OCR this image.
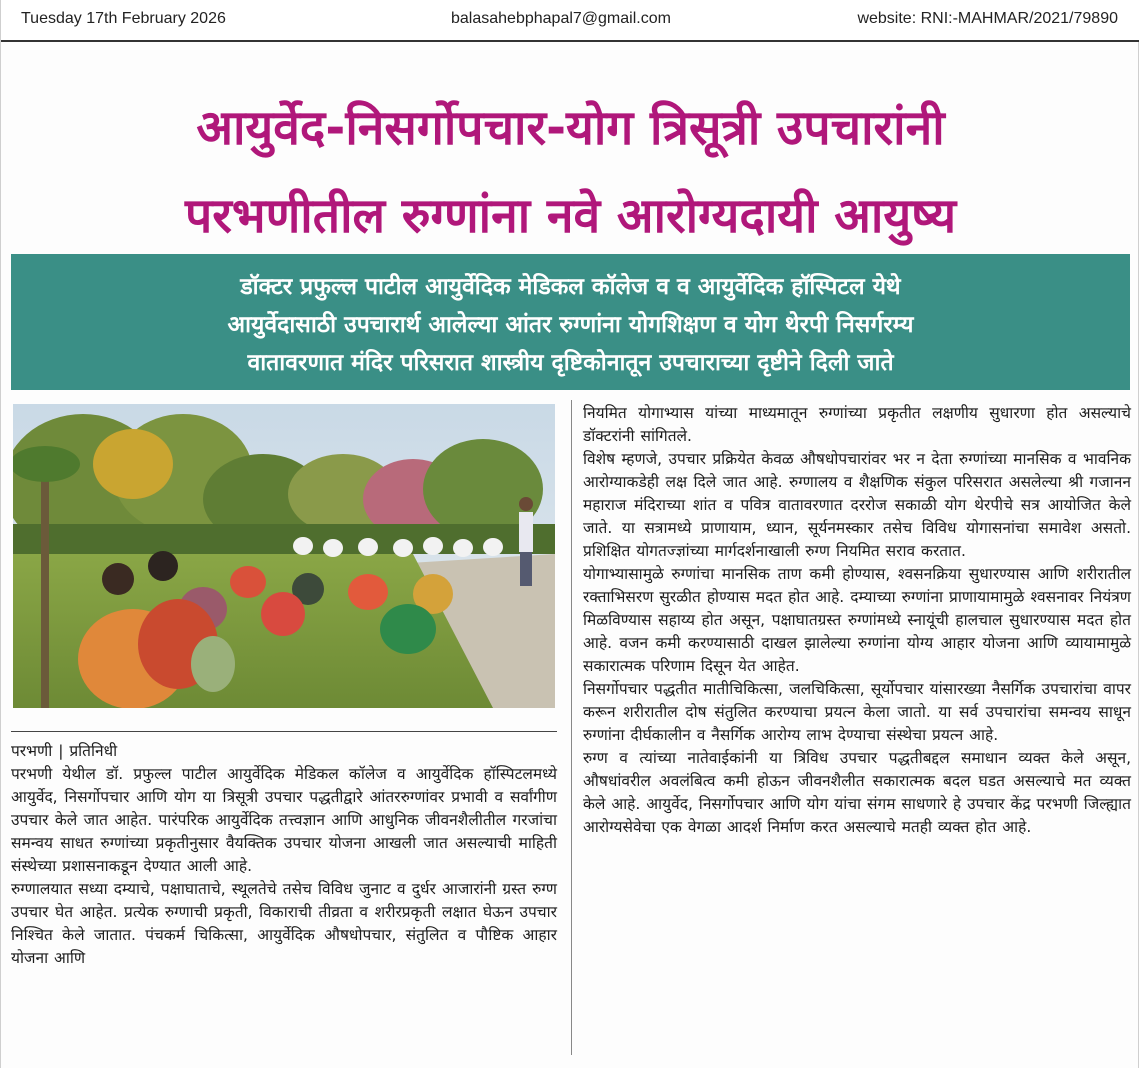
Tuesday 17th February 2026	balasahebphapal7@gmail.com	website: RNI:-MAHMAR/2021/79890
आयुर्वेद-निसर्गोपचार-योग त्रिसूत्री उपचारांनी
परभणीतील रुग्णांना नवे आरोग्यदायी आयुष्य
डॉक्टर प्रफुल्ल पाटील आयुर्वेदिक मेडिकल कॉलेज व व आयुर्वेदिक हॉस्पिटल येथे
आयुर्वेदासाठी उपचारार्थ आलेल्या आंतर रुग्णांना योगशिक्षण व योग थेरपी निसर्गरम्य
वातावरणात मंदिर परिसरात शास्त्रीय दृष्टिकोनातून उपचाराच्या दृष्टीने दिली जाते

परभणी | प्रतिनिधी

परभणी येथील डॉ. प्रफुल्ल पाटील आयुर्वेदिक मेडिकल कॉलेज व आयुर्वेदिक हॉस्पिटलमध्ये आयुर्वेद, निसर्गोपचार आणि योग या त्रिसूत्री उपचार पद्धतीद्वारे आंतररुग्णांवर प्रभावी व सर्वांगीण उपचार केले जात आहेत. पारंपरिक आयुर्वेदिक तत्त्वज्ञान आणि आधुनिक जीवनशैलीतील गरजांचा समन्वय साधत रुग्णांच्या प्रकृतीनुसार वैयक्तिक उपचार योजना आखली जात असल्याची माहिती संस्थेच्या प्रशासनाकडून देण्यात आली आहे.

रुग्णालयात सध्या दम्याचे, पक्षाघाताचे, स्थूलतेचे तसेच विविध जुनाट व दुर्धर आजारांनी ग्रस्त रुग्ण उपचार घेत आहेत. प्रत्येक रुग्णाची प्रकृती, विकाराची तीव्रता व शरीरप्रकृती लक्षात घेऊन उपचार निश्चित केले जातात. पंचकर्म चिकित्सा, आयुर्वेदिक औषधोपचार, संतुलित व पौष्टिक आहार योजना आणि

नियमित योगाभ्यास यांच्या माध्यमातून रुग्णांच्या प्रकृतीत लक्षणीय सुधारणा होत असल्याचे डॉक्टरांनी सांगितले.

विशेष म्हणजे, उपचार प्रक्रियेत केवळ औषधोपचारांवर भर न देता रुग्णांच्या मानसिक व भावनिक आरोग्याकडेही लक्ष दिले जात आहे. रुग्णालय व शैक्षणिक संकुल परिसरात असलेल्या श्री गजानन महाराज मंदिराच्या शांत व पवित्र वातावरणात दररोज सकाळी योग थेरपीचे सत्र आयोजित केले जाते. या सत्रामध्ये प्राणायाम, ध्यान, सूर्यनमस्कार तसेच विविध योगासनांचा समावेश असतो. प्रशिक्षित योगतज्ज्ञांच्या मार्गदर्शनाखाली रुग्ण नियमित सराव करतात.

योगाभ्यासामुळे रुग्णांचा मानसिक ताण कमी होण्यास, श्वसनक्रिया सुधारण्यास आणि शरीरातील रक्ताभिसरण सुरळीत होण्यास मदत होत आहे. दम्याच्या रुग्णांना प्राणायामामुळे श्वसनावर नियंत्रण मिळविण्यास सहाय्य होत असून, पक्षाघातग्रस्त रुग्णांमध्ये स्नायूंची हालचाल सुधारण्यास मदत होत आहे. वजन कमी करण्यासाठी दाखल झालेल्या रुग्णांना योग्य आहार योजना आणि व्यायामामुळे सकारात्मक परिणाम दिसून येत आहेत.

निसर्गोपचार पद्धतीत मातीचिकित्सा, जलचिकित्सा, सूर्योपचार यांसारख्या नैसर्गिक उपचारांचा वापर करून शरीरातील दोष संतुलित करण्याचा प्रयत्न केला जातो. या सर्व उपचारांचा समन्वय साधून रुग्णांना दीर्घकालीन व नैसर्गिक आरोग्य लाभ देण्याचा संस्थेचा प्रयत्न आहे.

रुग्ण व त्यांच्या नातेवाईकांनी या त्रिविध उपचार पद्धतीबद्दल समाधान व्यक्त केले असून, औषधांवरील अवलंबित्व कमी होऊन जीवनशैलीत सकारात्मक बदल घडत असल्याचे मत व्यक्त केले आहे. आयुर्वेद, निसर्गोपचार आणि योग यांचा संगम साधणारे हे उपचार केंद्र परभणी जिल्ह्यात आरोग्यसेवेचा एक वेगळा आदर्श निर्माण करत असल्याचे मतही व्यक्त होत आहे.
